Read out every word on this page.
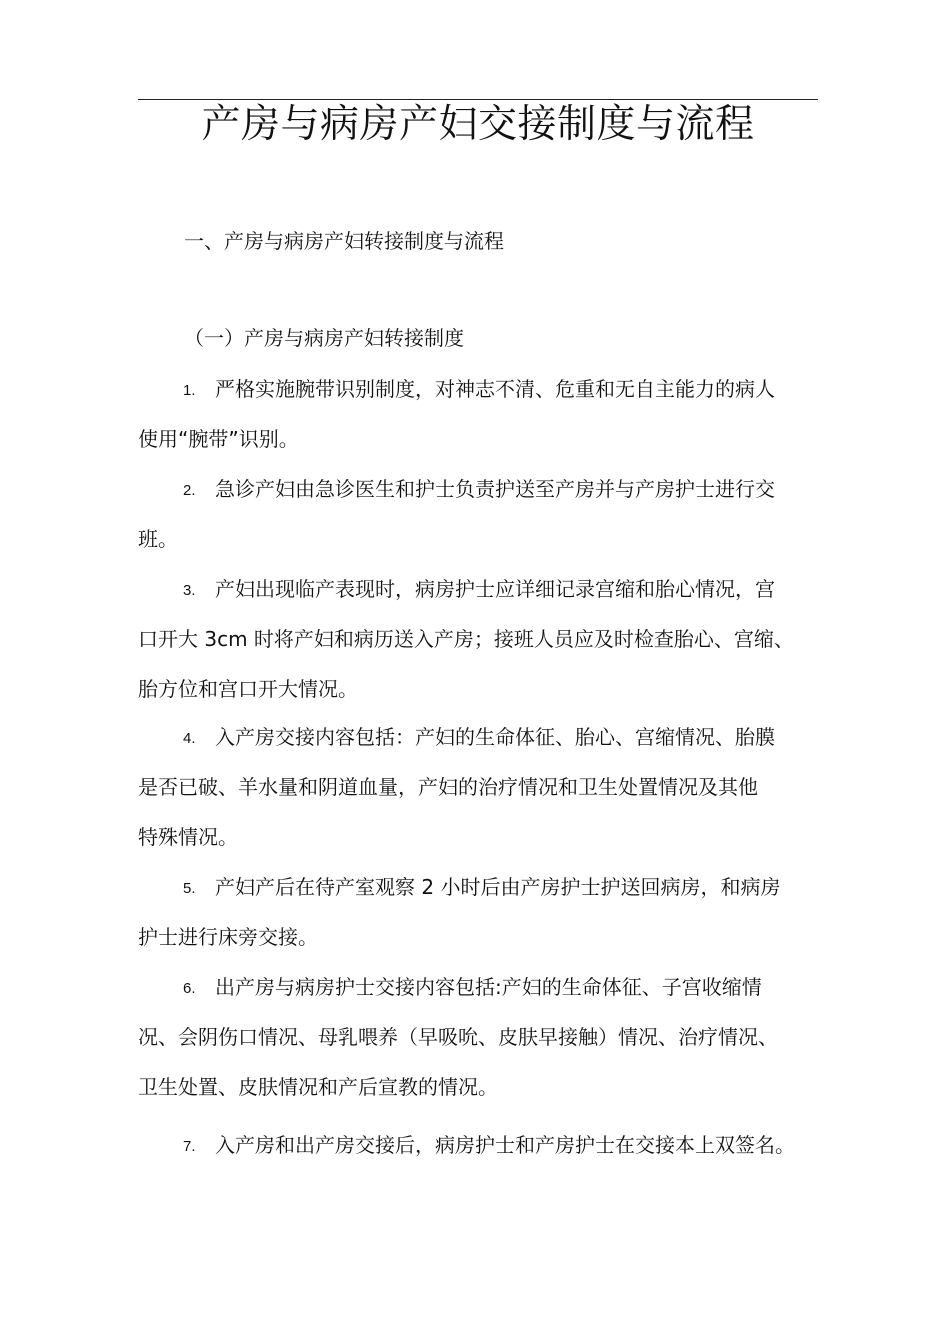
产房与病房产妇交接制度与流程
一、产房与病房产妇转接制度与流程
（一）产房与病房产妇转接制度
1. 严格实施腕带识别制度，对神志不清、危重和无自主能力的病人
使用“腕带”识别。
2. 急诊产妇由急诊医生和护士负责护送至产房并与产房护士进行交
班。
3. 产妇出现临产表现时，病房护士应详细记录宫缩和胎心情况，宫
口开大 3cm 时将产妇和病历送入产房；接班人员应及时检查胎心、宫缩、
胎方位和宫口开大情况。
4. 入产房交接内容包括：产妇的生命体征、胎心、宫缩情况、胎膜
是否已破、羊水量和阴道血量，产妇的治疗情况和卫生处置情况及其他
特殊情况。
5. 产妇产后在待产室观察 2 小时后由产房护士护送回病房，和病房
护士进行床旁交接。
6. 出产房与病房护士交接内容包括:产妇的生命体征、子宫收缩情
况、会阴伤口情况、母乳喂养（早吸吮、皮肤早接触）情况、治疗情况、
卫生处置、皮肤情况和产后宣教的情况。
7. 入产房和出产房交接后，病房护士和产房护士在交接本上双签名。
